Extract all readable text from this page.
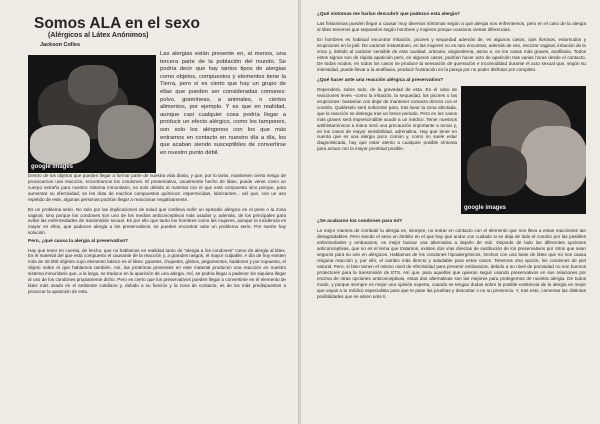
Somos ALA en el sexo
(Alérgicos al Látex Anónimos)
Jackson Colles
google images

Las alergias están presente en, al menos, una tercera parte de la población del mundo. Se podría decir que hay tantos tipos de alergias como objetos, compuestos y elementos tiene la Tierra, pero sí es cierto que hay un grupo de ellas que pueden ser consideradas comunes: polvo, gramíneas, a animales, o ciertos alimentos, por ejemplo. Y es que en realidad, aunque casi cualquier cosa podría llegar a producir un efecto alérgico, como los tampones, son solo los alérgenos con los que más entramos en contacto en nuestro día a día, los que acaban siendo susceptibles de convertirse en nuestro punto débil.

Dentro de los objetos que pueden llegar a formar parte de nuestra vida diaria, y que, por lo tanto, mantienen cierto riesgo de provocarnos una reacción, encontramos los condones. El preservativo, usualmente hecho de látex, puede verse como un cuerpo extraño para nuestro sistema inmunitario, no solo debido al material con el que está compuesto sino porque, para aumentar su efectividad, se les dota de muchos compuestos químicos: espermicidas, lubricantes... así que, con un uso repetido de este, algunas personas podrían llegar a reaccionar negativamente.

Es un problema serio. No solo por las implicaciones de salud que conlleva sufrir un episodio alérgico en el pene o la zona vaginal, sino porque los condones son uno de los medios anticonceptivos más usados y, además, de los principales para evitar las enfermedades de transmisión sexual. Es por ello que tanto los hombres como las mujeres, aunque la incidencia es mayor en ellos, que padecen alergia a los preservativos, se pueden encontrar ante un problema serio. Por suerte hay solución.

Pero, ¿qué causa la alergia al preservativo?

Hay que tener en cuenta, de hecho, que no hablamos en realidad tanto de "alergia a los condones" como de alergia al látex. Es el material del que está compuesto el causante de la reacción y, a grandes rasgos, el mayor culpable. A día de hoy existen más de 40.000 objetos cuyo elemento básico es el látex: guantes, chupetes, globos, pegamentos, batidores y por supuesto, el objeto sobre el que hablamos también. Así, las proteínas presentes en este material producen una reacción en nuestro sistema inmunitario que, a la larga, se traduce en la aparición de una alergia. Así, se podría llegar a padecer sin siquiera llegar al uso de los condones propiamente dicho. Pero es cierto que los preservativos pueden llegar a convertirse en el elemento de látex más usado en el ambiente cotidiano y, debido a su función y la zona de contacto, es de los más predispuestos a provocar la aparición de esta.

¿Qué síntomas me harían descubrir que padezco esta alergia?

Las histaminas pueden llegar a causar muy diversos síntomas según a qué alergia nos enfrentemos, pero en el caso de la alergia al látex tenemos que separarlos según hombres y mujeres porque ocasiona ciertas diferencias.

En hombres es habitual encontrar irritación, picores y sequedad además de, en algunos casos, ojos llorosos, estornudos y erupciones en la piel. De carácter instantáneo, en las mujeres no es raro encontrar, además de eso, escozor vaginal, irritación de la zona y, debido al carácter sensible de esta cavidad, urticaria, angioedema, asma e, en los casos más graves, anafilaxia. Todos estos signos son de rápida aparición pero, en algunos casos, podrían hacer acto de aparición tras varias horas desde el contacto. De todos modos, en todos los casos se produce la sensación de quemazón e incomodidad durante el acto sexual que, según su intensidad, puede llevar a la anafilaxia, producir frustración en la pareja por no poder disfrutar por completo.

¿Qué hacer ante una reacción alérgica al preservativo?
google images

Dependerá, sobre todo, de la gravedad de esta. En el caso de reacciones leves –como la irritación, la sequedad, los picores o las erupciones- bastarían con dejar de mantener contacto directo con el condón. Quitárselo será suficiente para, tras lavar la zona afectada, que la reacción se detenga tras un breve periodo. Pero en los casos más graves será imprescindible acudir a un médico. Tener nuestros antihistamínicos a mano será una precaución importante a tomar y, en los casos de mayor sensibilidad, adrenalina. Hay que tener en cuenta que es una alergia poco común y, como no suele estar diagnosticada, hay que estar atento a cualquier posible síntoma para actuar con la mayor prontitud posible.

¿Se acabaron los condones para mí?

La mejor manera de combatir la alergia es, siempre, no entrar en contacto con el elemento que nos lleva a estas reacciones tan desagradables. Pero siendo el sexo un ámbito en el que hay que andar con cuidado si se deja de lado el condón por las posibles enfermedades y embarazos, es mejor buscar una alternativa a dejarlo de raíz. Dejando de lado las diferentes opciones anticonceptivas, que no es el tema que tratamos, existen dos vías directas de sustitución de los preservativos por otros que sean seguros para su uso en alérgicos. Hablamos de los condones hipoalergénicos, hechos con una base de látex que no nos causa ninguna reacción y, por ello, el cambio más directo y saludable para estos casos. Tenemos otra opción, los condones de piel natural. Pero, si bien tienen el mismo nivel de efectividad para prevenir embarazos, debido a su nivel de porosidad no son buenos protectores para la transmisión de ETS. Así que, para aquellos que quieran seguir usando preservativos en sus relaciones por encima de otras opciones anticonceptivas, estas dos alternativas son las mejores para protegernos de nuestra alergia. De todos modo, y porque siempre es mejor una opinión experta, cuando se tengan dudas sobre la posible existencia de la alergia es mejor que vayas a tu médico especialista para que te pase las pruebas y descartar o no su presencia. Y, tras esto, comentar las distintas posibilidades que se abren ante ti.
